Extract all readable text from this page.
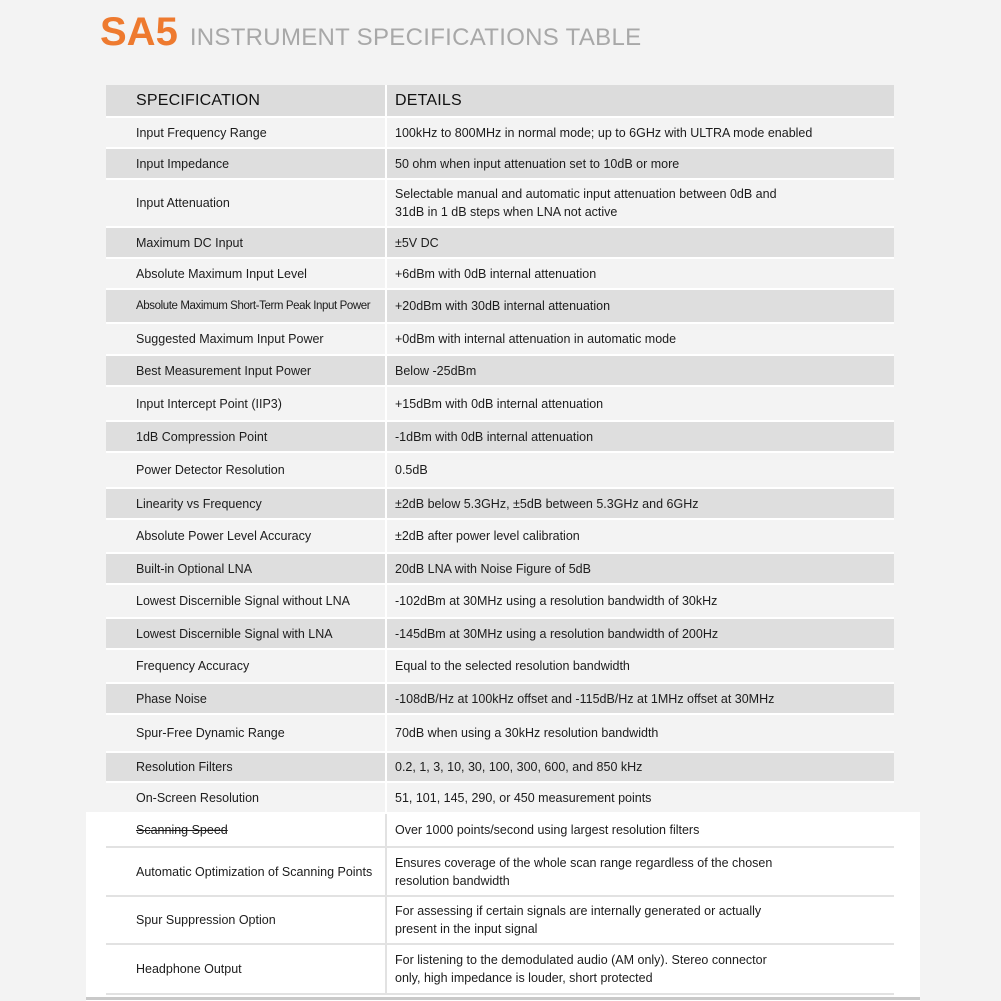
SA5 INSTRUMENT SPECIFICATIONS TABLE
SPECIFICATION	DETAILS
Input Frequency Range	100kHz to 800MHz in normal mode; up to 6GHz with ULTRA mode enabled

Input Impedance	50 ohm when input attenuation set to 10dB or more

Input Attenuation	Selectable manual and automatic input attenuation between 0dB and 31dB in 1 dB steps when LNA not active

Maximum DC Input	±5V DC

Absolute Maximum Input Level	+6dBm with 0dB internal attenuation

Absolute Maximum Short-Term Peak Input Power	+20dBm with 30dB internal attenuation

Suggested Maximum Input Power	+0dBm with internal attenuation in automatic mode

Best Measurement Input Power	Below -25dBm

Input Intercept Point (IIP3)	+15dBm with 0dB internal attenuation

1dB Compression Point	-1dBm with 0dB internal attenuation

Power Detector Resolution	0.5dB

Linearity vs Frequency	±2dB below 5.3GHz, ±5dB between 5.3GHz and 6GHz

Absolute Power Level Accuracy	±2dB after power level calibration

Built-in Optional LNA	20dB LNA with Noise Figure of 5dB

Lowest Discernible Signal without LNA	-102dBm at 30MHz using a resolution bandwidth of 30kHz

Lowest Discernible Signal with LNA	-145dBm at 30MHz using a resolution bandwidth of 200Hz

Frequency Accuracy	Equal to the selected resolution bandwidth

Phase Noise	-108dB/Hz at 100kHz offset and -115dB/Hz at 1MHz offset at 30MHz

Spur-Free Dynamic Range	70dB when using a 30kHz resolution bandwidth

Resolution Filters	0.2, 1, 3, 10, 30, 100, 300, 600, and 850 kHz

On-Screen Resolution	51, 101, 145, 290, or 450 measurement points

Scanning Speed	Over 1000 points/second using largest resolution filters

Automatic Optimization of Scanning Points	Ensures coverage of the whole scan range regardless of the chosen resolution bandwidth

Spur Suppression Option	For assessing if certain signals are internally generated or actually present in the input signal

Headphone Output	For listening to the demodulated audio (AM only). Stereo connector only, high impedance is louder, short protected
